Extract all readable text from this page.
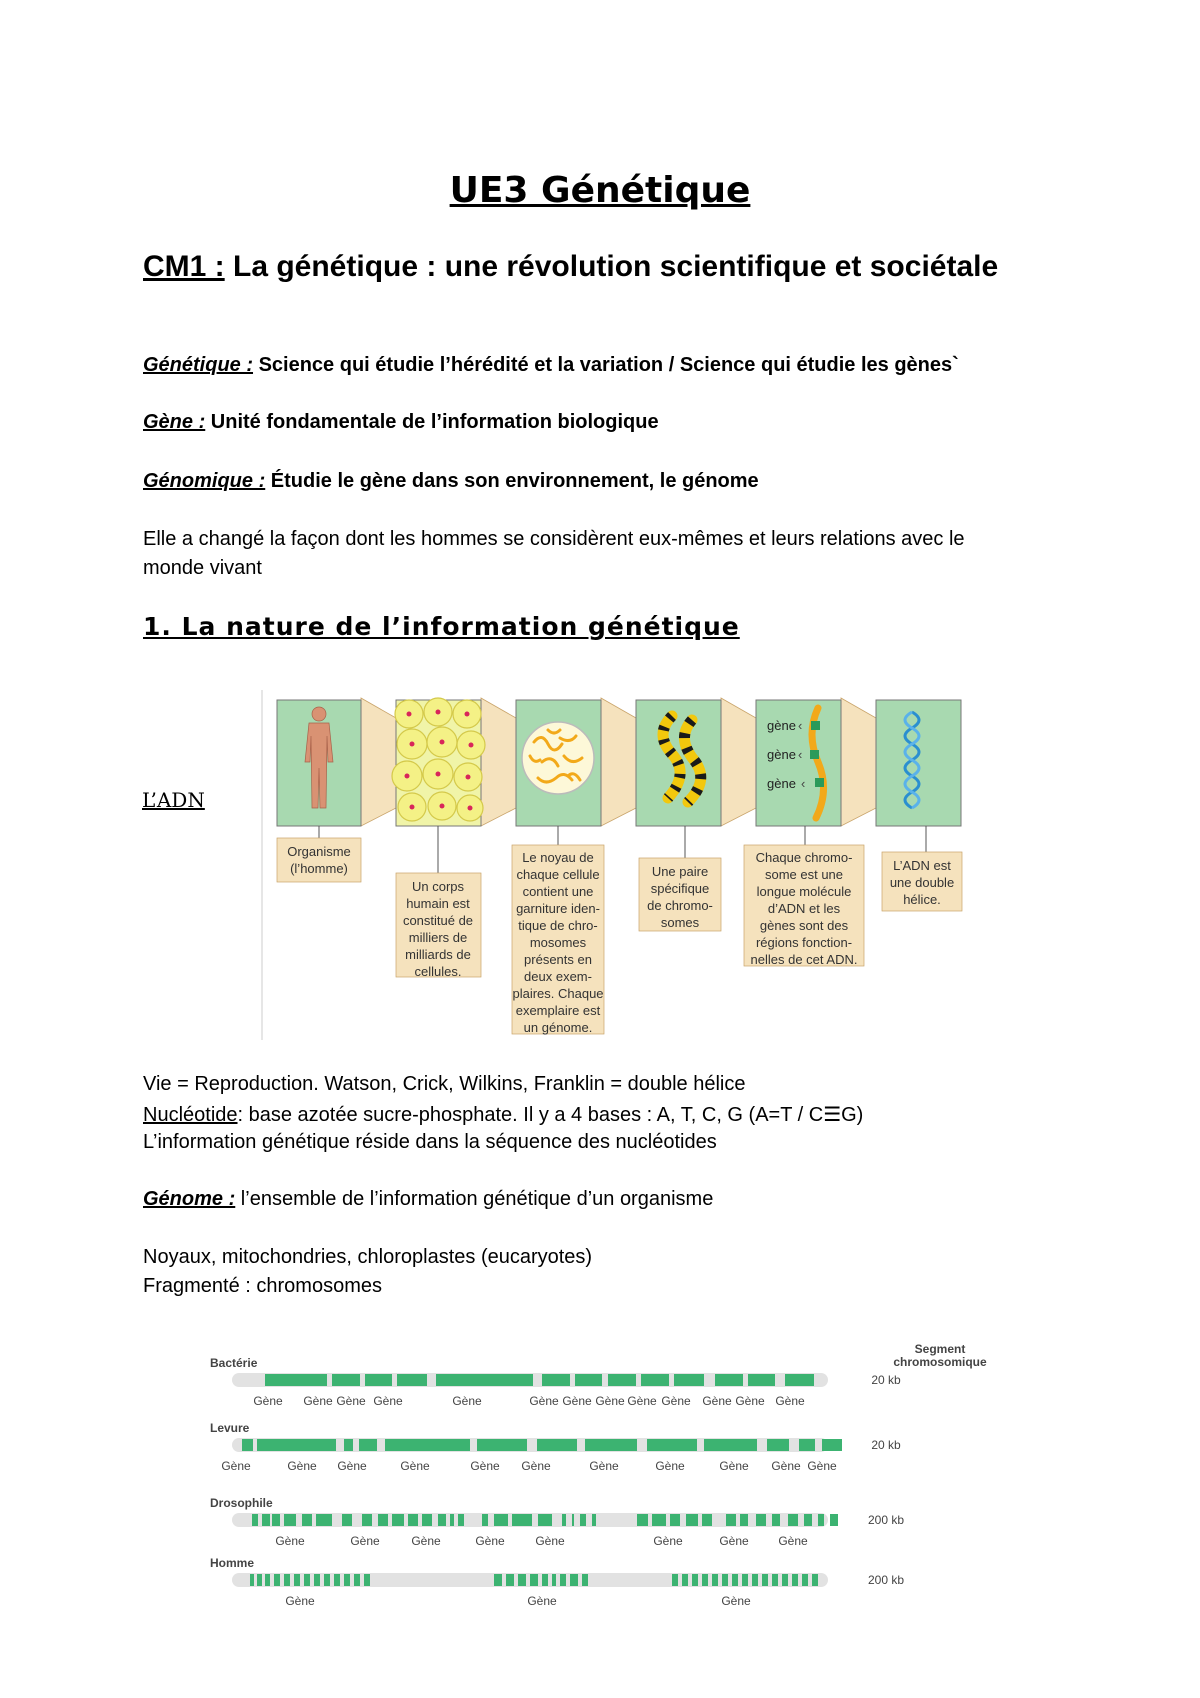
UE3 Génétique
CM1 : La génétique : une révolution scientifique et sociétale
Génétique : Science qui étudie l’hérédité et la variation / Science qui étudie les gènes`
Gène : Unité fondamentale de l’information biologique
Génomique : Étudie le gène dans son environnement, le génome
Elle a changé la façon dont les hommes se considèrent eux-mêmes et leurs relations avec le
monde vivant
1. La nature de l’information génétique
L’ADN
gène
gène
gène
‹
‹
‹
Organisme
(l’homme)
Un corps
humain est
constitué de
milliers de
milliards de
cellules.
Le noyau de
chaque cellule
contient une
garniture iden-
tique de chro-
mosomes
présents en
deux exem-
plaires. Chaque
exemplaire est
un génome.
Une paire
spécifique
de chromo-
somes
Chaque chromo-
some est une
longue molécule
d’ADN et les
gènes sont des
régions fonction-
nelles de cet ADN.
L’ADN est
une double
hélice.
Vie = Reproduction. Watson, Crick, Wilkins, Franklin = double hélice
Nucléotide: base azotée sucre-phosphate. Il y a 4 bases : A, T, C, G (A=T / C☰G)
L’information génétique réside dans la séquence des nucléotides
Génome : l’ensemble de l’information génétique d’un organisme
Noyaux, mitochondries, chloroplastes (eucaryotes)
Fragmenté : chromosomes
Segment
chromosomique
Bactérie
20 kb
Gène Gène Gène Gène	Gène	Gène Gène Gène Gène Gène Gène Gène Gène
Levure
20 kb
Gène	Gène Gène	Gène	Gène Gène	Gène	Gène	Gène Gène Gène
Drosophile
200 kb
Gène	Gène	Gène	Gène	Gène	Gène	Gène Gène
Homme
200 kb
Gène	Gène	Gène
